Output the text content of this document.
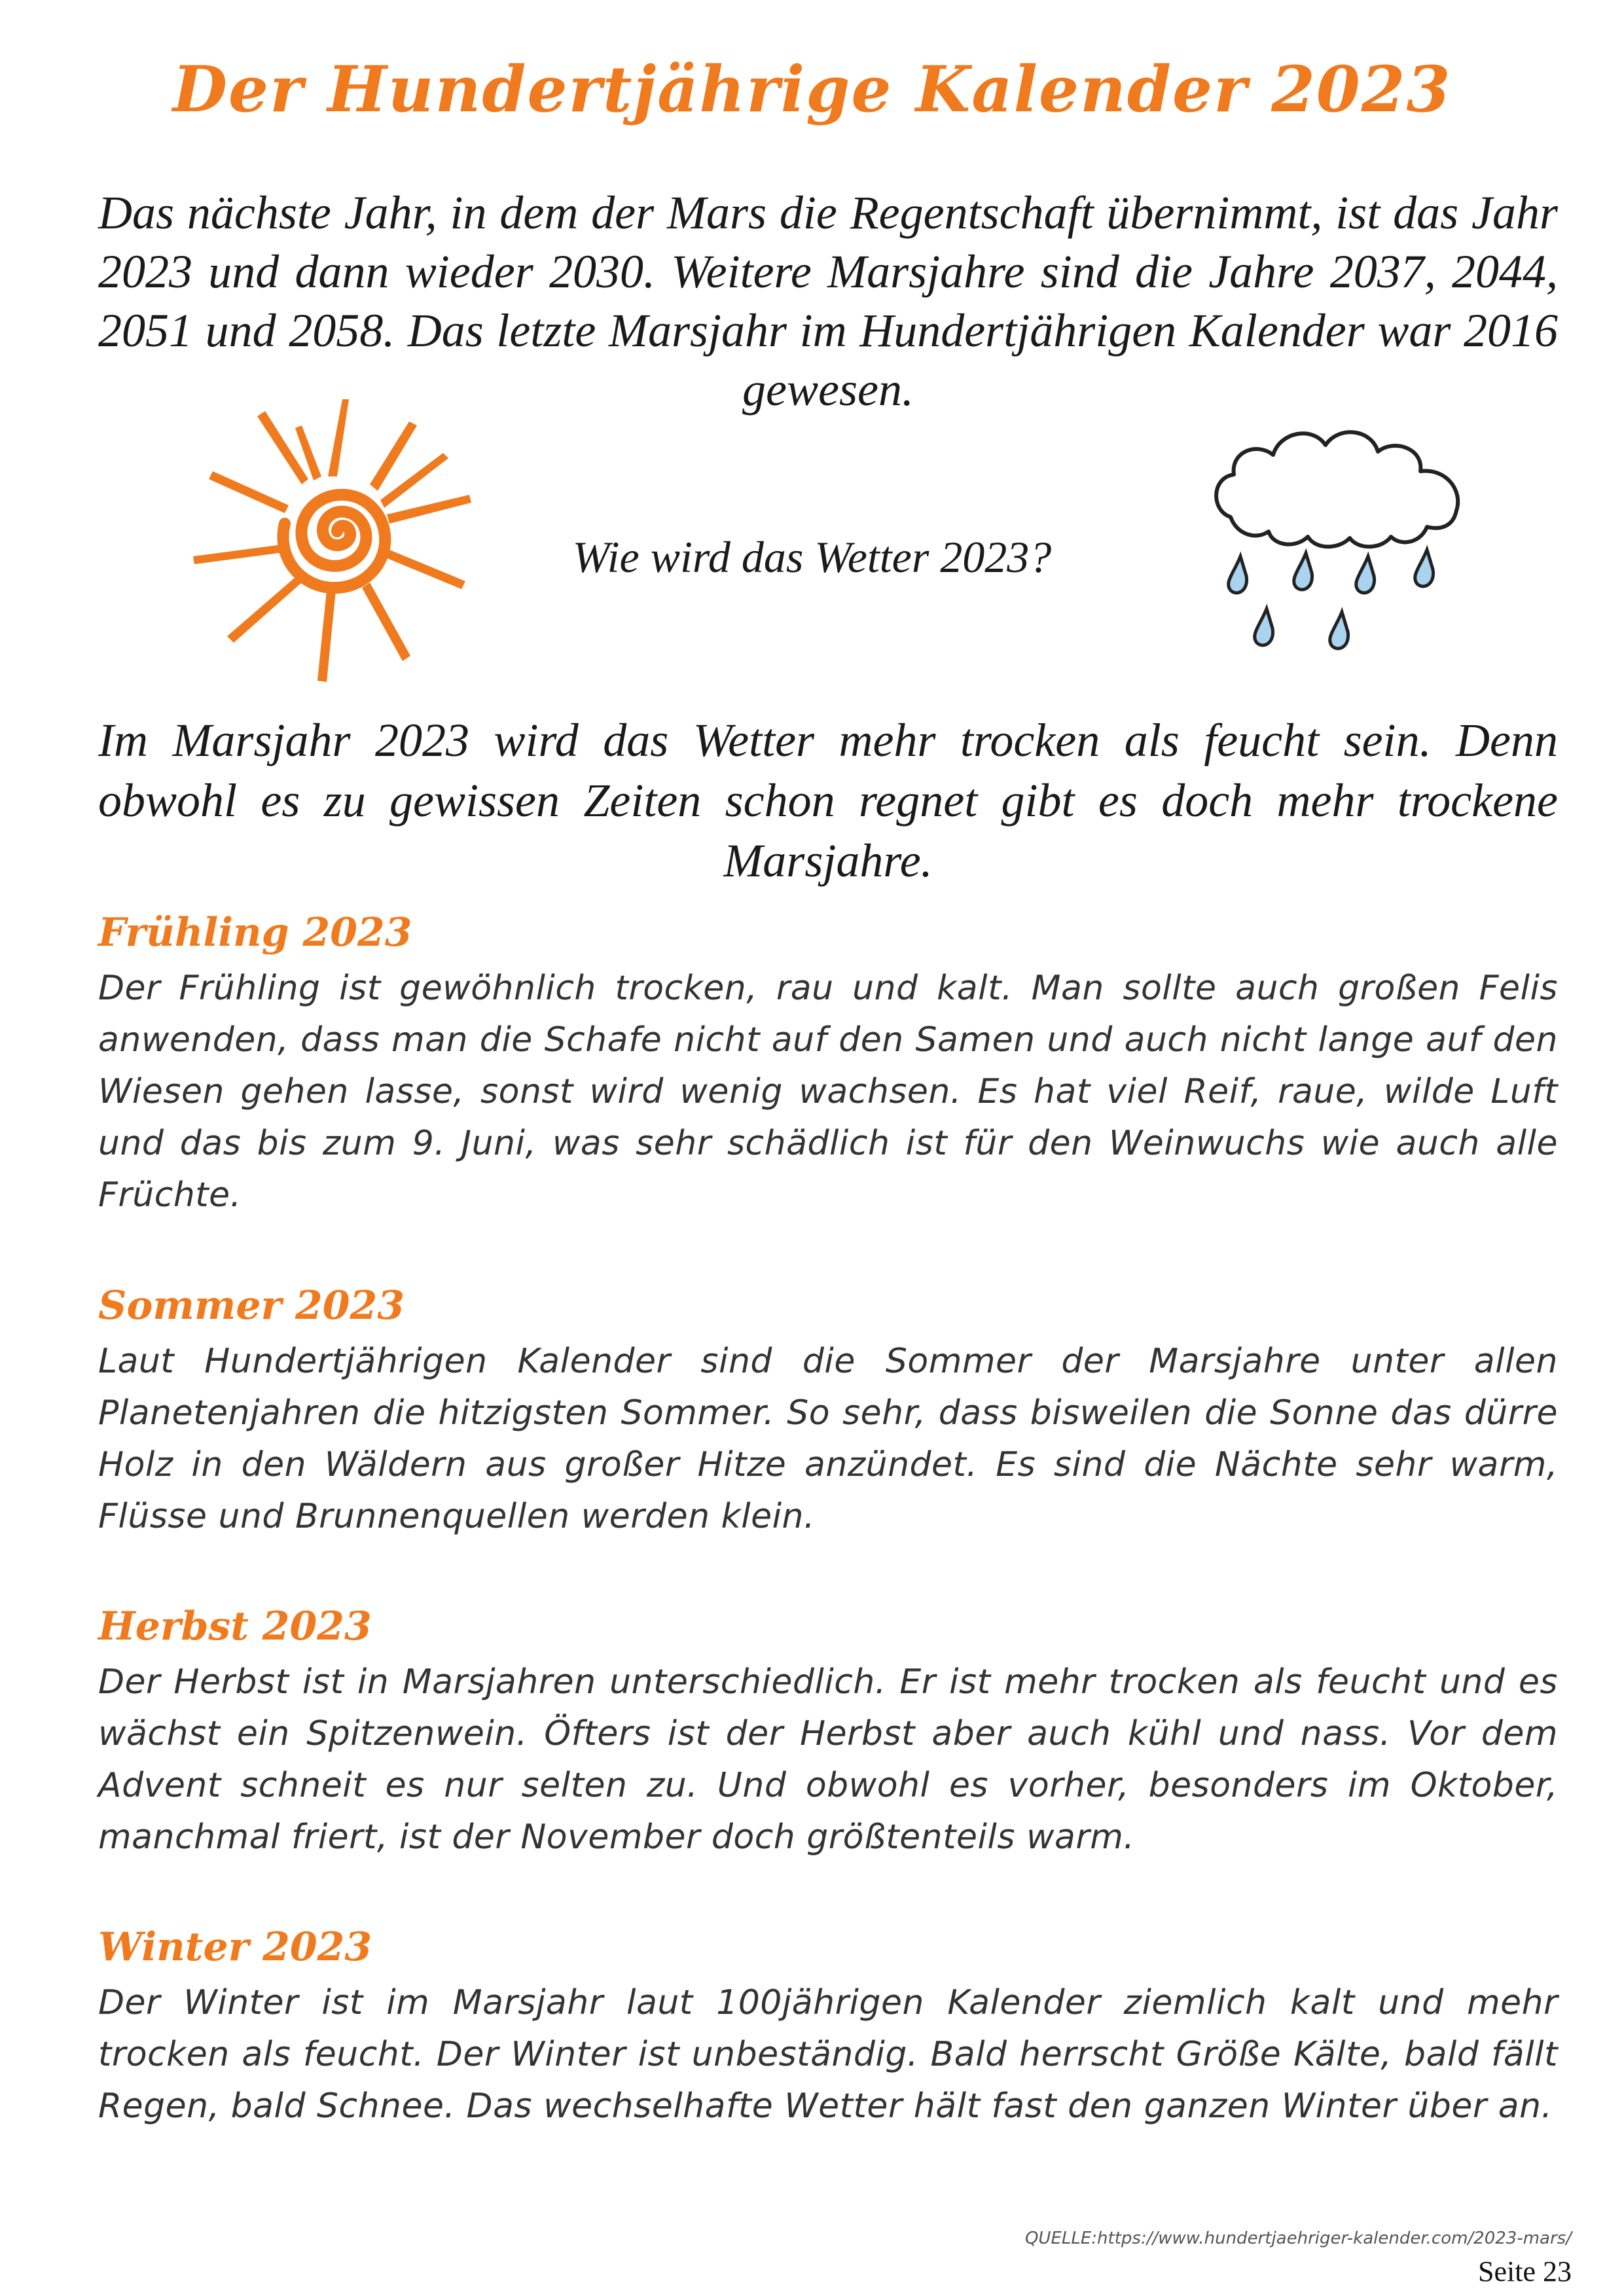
Der Hundertjährige Kalender 2023

Das nächste Jahr, in dem der Mars die Regentschaft übernimmt, ist das Jahr 2023 und dann wieder 2030. Weitere Marsjahre sind die Jahre 2037, 2044, 2051 und 2058. Das letzte Marsjahr im Hundertjährigen Kalender war 2016 gewesen.

Wie wird das Wetter 2023?

Im Marsjahr 2023 wird das Wetter mehr trocken als feucht sein. Denn obwohl es zu gewissen Zeiten schon regnet gibt es doch mehr trockene Marsjahre.

Frühling 2023

Der Frühling ist gewöhnlich trocken, rau und kalt. Man sollte auch großen Felis anwenden, dass man die Schafe nicht auf den Samen und auch nicht lange auf den Wiesen gehen lasse, sonst wird wenig wachsen. Es hat viel Reif, raue, wilde Luft und das bis zum 9. Juni, was sehr schädlich ist für den Weinwuchs wie auch alle Früchte.

Sommer 2023

Laut Hundertjährigen Kalender sind die Sommer der Marsjahre unter allen Planetenjahren die hitzigsten Sommer. So sehr, dass bisweilen die Sonne das dürre Holz in den Wäldern aus großer Hitze anzündet. Es sind die Nächte sehr warm, Flüsse und Brunnenquellen werden klein.

Herbst 2023

Der Herbst ist in Marsjahren unterschiedlich. Er ist mehr trocken als feucht und es wächst ein Spitzenwein. Öfters ist der Herbst aber auch kühl und nass. Vor dem Advent schneit es nur selten zu. Und obwohl es vorher, besonders im Oktober, manchmal friert, ist der November doch größtenteils warm.

Winter 2023

Der Winter ist im Marsjahr laut 100jährigen Kalender ziemlich kalt und mehr trocken als feucht. Der Winter ist unbeständig. Bald herrscht Größe Kälte, bald fällt Regen, bald Schnee. Das wechselhafte Wetter hält fast den ganzen Winter über an.

QUELLE:https://www.hundertjaehriger-kalender.com/2023-mars/
Seite 23
